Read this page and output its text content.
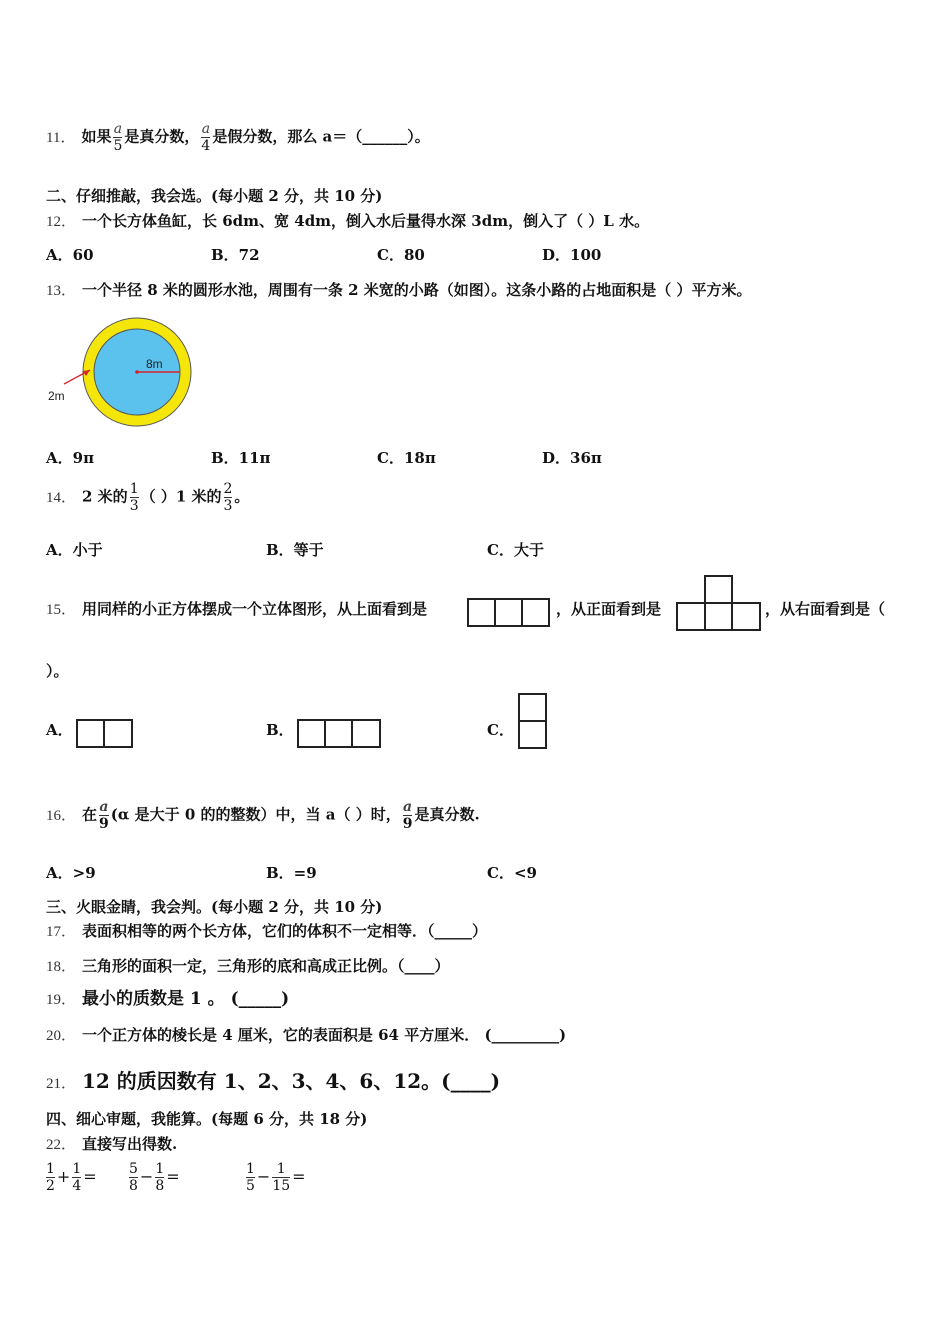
11． 如果 $\frac{a}{5}$ 是真分数， $\frac{a}{4}$ 是假分数，那么 a＝（______）。
二、仔细推敲，我会选。(每小题 2 分，共 10 分)
12． 一个长方体鱼缸，长 6dm、宽 4dm，倒入水后量得水深 3dm，倒入了（ ）L 水。
A．60	B．72	C．80	D．100
13． 一个半径 8 米的圆形水池，周围有一条 2 米宽的小路（如图）。这条小路的占地面积是（ ）平方米。
8m
2m
A．9π	B．11π	C．18π	D．36π
14． 2 米的 $\frac{1}{3}$ （ ）1 米的 $\frac{2}{3}$ 。
A．小于	B．等于	C．大于
15． 用同样的小正方体摆成一个立体图形，从上面看到是	，从正面看到是	，从右面看到是（
）。
A．	B．	C．
16． 在 $\frac{a}{9} (\alpha$ 是大于 0 的的整数）中，当 a（ ）时， $\frac{a}{9}$ 是真分数.
A．>9	B．=9	C．<9
三、火眼金睛，我会判。(每小题 2 分，共 10 分)
17． 表面积相等的两个长方体，它们的体积不一定相等．（_____）
18． 三角形的面积一定，三角形的底和高成正比例。（____）
19． 最小的质数是 1 。 (_____)
20． 一个正方体的棱长是 4 厘米，它的表面积是 64 平方厘米． (_________)
21． 12 的质因数有 1、2、3、4、6、12。(____)
四、细心审题，我能算。(每题 6 分，共 18 分)
22． 直接写出得数.
$\frac{1}{2} + \frac{1}{4} = \frac{5}{8} - \frac{1}{8}$ =	$\frac{1}{5} - \frac{1}{15}$ =
